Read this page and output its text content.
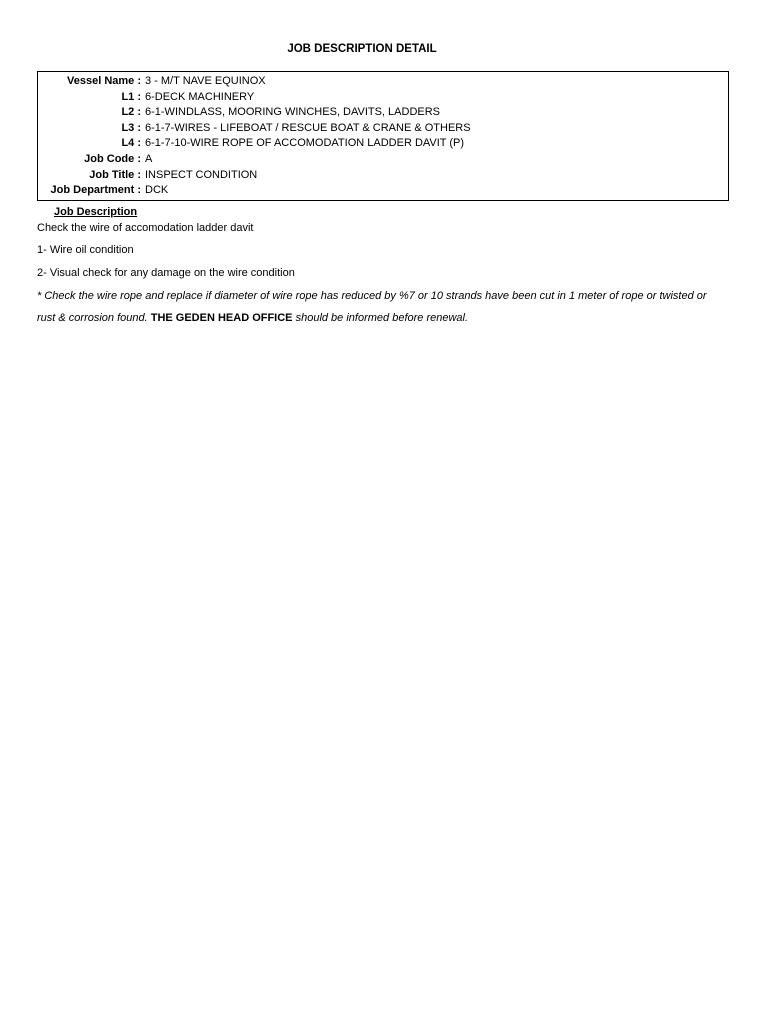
JOB DESCRIPTION DETAIL
Vessel Name : 3 - M/T NAVE EQUINOX
L1 : 6-DECK MACHINERY
L2 : 6-1-WINDLASS, MOORING WINCHES, DAVITS, LADDERS
L3 : 6-1-7-WIRES - LIFEBOAT / RESCUE BOAT & CRANE & OTHERS
L4 : 6-1-7-10-WIRE ROPE OF ACCOMODATION LADDER DAVIT (P)
Job Code : A
Job Title : INSPECT CONDITION
Job Department : DCK
Job Description
Check the wire of accomodation ladder davit
1- Wire oil condition
2- Visual check for any damage on the wire condition
* Check the wire rope and replace if diameter of wire rope has reduced by %7 or 10 strands have been cut in 1 meter of rope or twisted or rust & corrosion found. THE GEDEN HEAD OFFICE should be informed before renewal.
